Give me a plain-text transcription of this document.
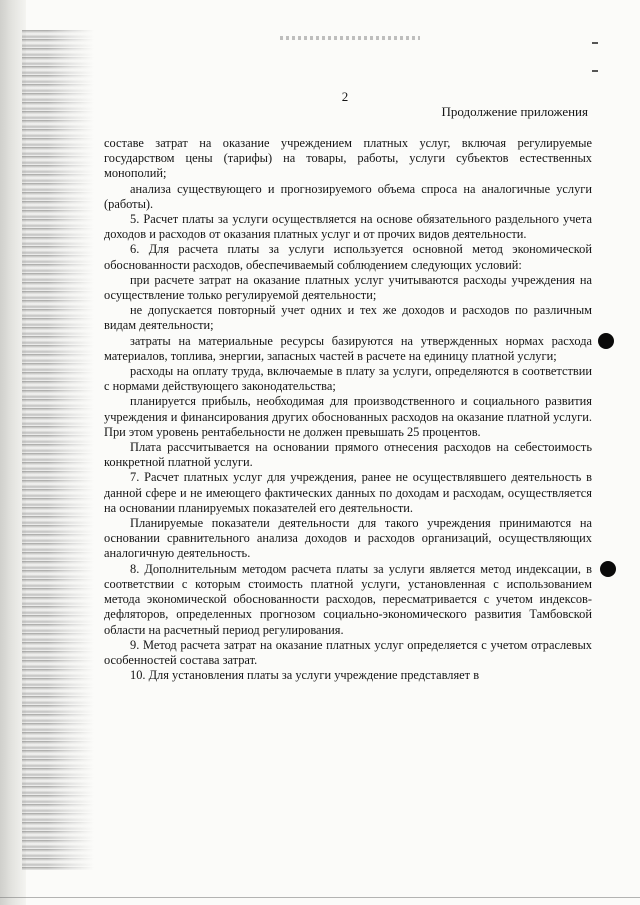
2
Продолжение приложения

составе затрат на оказание учреждением платных услуг, включая регулируемые государством цены (тарифы) на товары, работы, услуги субъектов естественных монополий;

анализа существующего и прогнозируемого объема спроса на аналогичные услуги (работы).

5. Расчет платы за услуги осуществляется на основе обязательного раздельного учета доходов и расходов от оказания платных услуг и от прочих видов деятельности.

6. Для расчета платы за услуги используется основной метод экономической обоснованности расходов, обеспечиваемый соблюдением следующих условий:

при расчете затрат на оказание платных услуг учитываются расходы учреждения на осуществление только регулируемой деятельности;

не допускается повторный учет одних и тех же доходов и расходов по различным видам деятельности;

затраты на материальные ресурсы базируются на утвержденных нормах расхода материалов, топлива, энергии, запасных частей в расчете на единицу платной услуги;

расходы на оплату труда, включаемые в плату за услуги, определяются в соответствии с нормами действующего законодательства;

планируется прибыль, необходимая для производственного и социального развития учреждения и финансирования других обоснованных расходов на оказание платной услуги. При этом уровень рентабельности не должен превышать 25 процентов.

Плата рассчитывается на основании прямого отнесения расходов на себестоимость конкретной платной услуги.

7. Расчет платных услуг для учреждения, ранее не осуществлявшего деятельность в данной сфере и не имеющего фактических данных по доходам и расходам, осуществляется на основании планируемых показателей его деятельности.

Планируемые показатели деятельности для такого учреждения принимаются на основании сравнительного анализа доходов и расходов организаций, осуществляющих аналогичную деятельность.

8. Дополнительным методом расчета платы за услуги является метод индексации, в соответствии с которым стоимость платной услуги, установленная с использованием метода экономической обоснованности расходов, пересматривается с учетом индексов-дефляторов, определенных прогнозом социально-экономического развития Тамбовской области на расчетный период регулирования.

9. Метод расчета затрат на оказание платных услуг определяется с учетом отраслевых особенностей состава затрат.

10. Для установления платы за услуги учреждение представляет в
